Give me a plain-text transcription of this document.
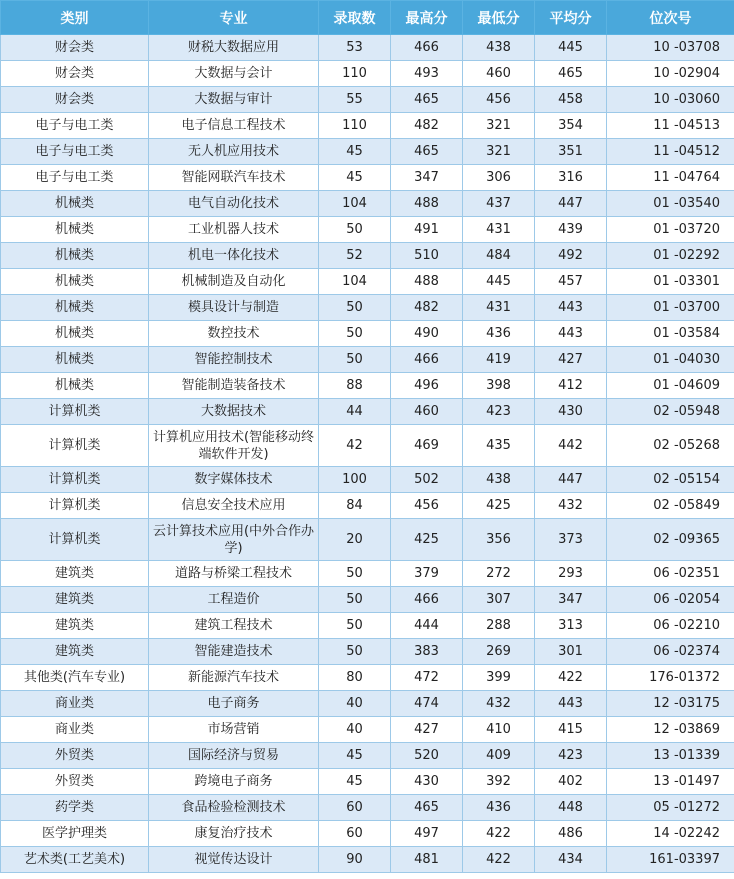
类别	专业	录取数	最高分	最低分	平均分	位次号
财会类	财税大数据应用	53	466	438	445	10 -03708
财会类	大数据与会计	110	493	460	465	10 -02904
财会类	大数据与审计	55	465	456	458	10 -03060
电子与电工类	电子信息工程技术	110	482	321	354	11 -04513
电子与电工类	无人机应用技术	45	465	321	351	11 -04512
电子与电工类	智能网联汽车技术	45	347	306	316	11 -04764
机械类	电气自动化技术	104	488	437	447	01 -03540
机械类	工业机器人技术	50	491	431	439	01 -03720
机械类	机电一体化技术	52	510	484	492	01 -02292
机械类	机械制造及自动化	104	488	445	457	01 -03301
机械类	模具设计与制造	50	482	431	443	01 -03700
机械类	数控技术	50	490	436	443	01 -03584
机械类	智能控制技术	50	466	419	427	01 -04030
机械类	智能制造装备技术	88	496	398	412	01 -04609
计算机类	大数据技术	44	460	423	430	02 -05948
计算机类	计算机应用技术(智能移动终端软件开发)	42	469	435	442	02 -05268
计算机类	数字媒体技术	100	502	438	447	02 -05154
计算机类	信息安全技术应用	84	456	425	432	02 -05849
计算机类	云计算技术应用(中外合作办学)	20	425	356	373	02 -09365
建筑类	道路与桥梁工程技术	50	379	272	293	06 -02351
建筑类	工程造价	50	466	307	347	06 -02054
建筑类	建筑工程技术	50	444	288	313	06 -02210
建筑类	智能建造技术	50	383	269	301	06 -02374
其他类(汽车专业)	新能源汽车技术	80	472	399	422	176-01372
商业类	电子商务	40	474	432	443	12 -03175
商业类	市场营销	40	427	410	415	12 -03869
外贸类	国际经济与贸易	45	520	409	423	13 -01339
外贸类	跨境电子商务	45	430	392	402	13 -01497
药学类	食品检验检测技术	60	465	436	448	05 -01272
医学护理类	康复治疗技术	60	497	422	486	14 -02242
艺术类(工艺美术)	视觉传达设计	90	481	422	434	161-03397
